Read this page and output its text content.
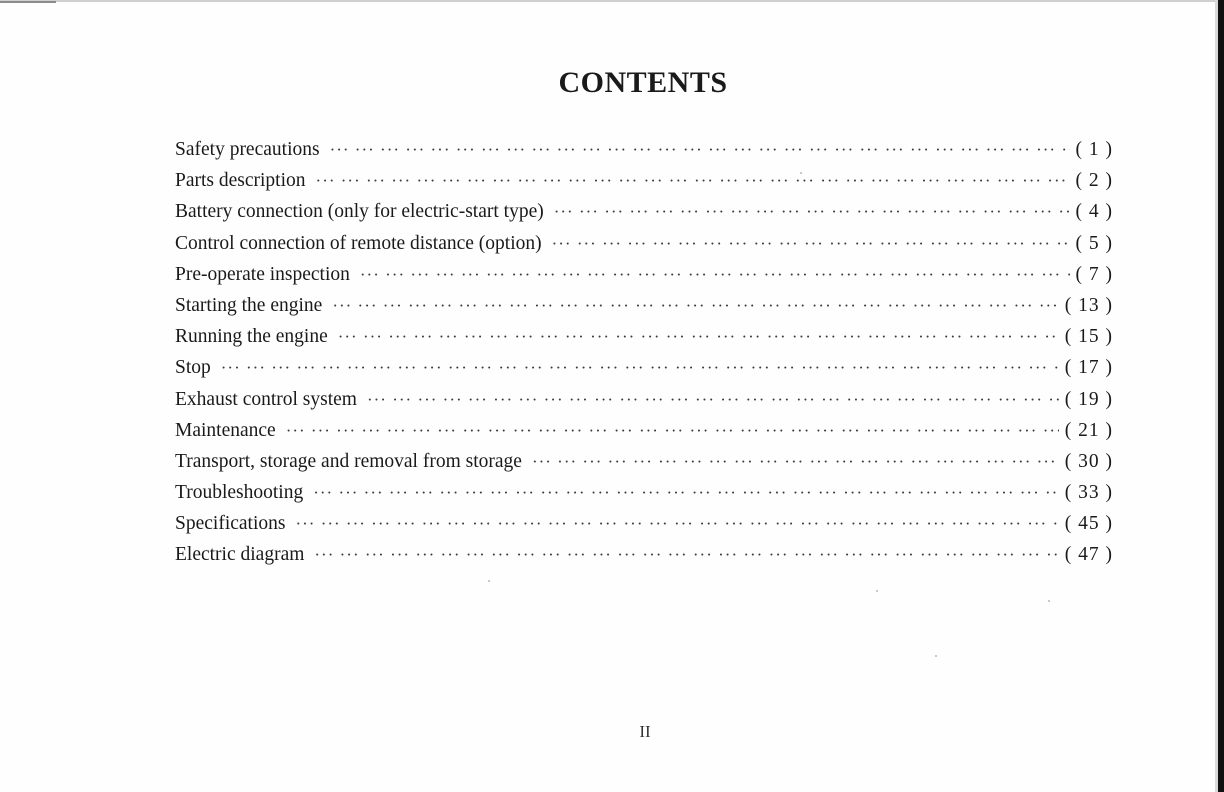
CONTENTS
Safety precautions ··· ·	( 1 )
Parts description ··· ·	( 2 )
Battery connection (only for electric-start type) ··· ·	( 4 )
Control connection of remote distance (option) ··· ·	( 5 )
Pre-operate inspection ··· ·	( 7 )
Starting the engine ··· ·	( 13 )
Running the engine ··· ·	( 15 )
Stop ··· ·	( 17 )
Exhaust control system ··· ·	( 19 )
Maintenance ··· ·	( 21 )
Transport, storage and removal from storage ··· ·	( 30 )
Troubleshooting ··· ·	( 33 )
Specifications ··· ·	( 45 )
Electric diagram ··· ·	( 47 )
II
